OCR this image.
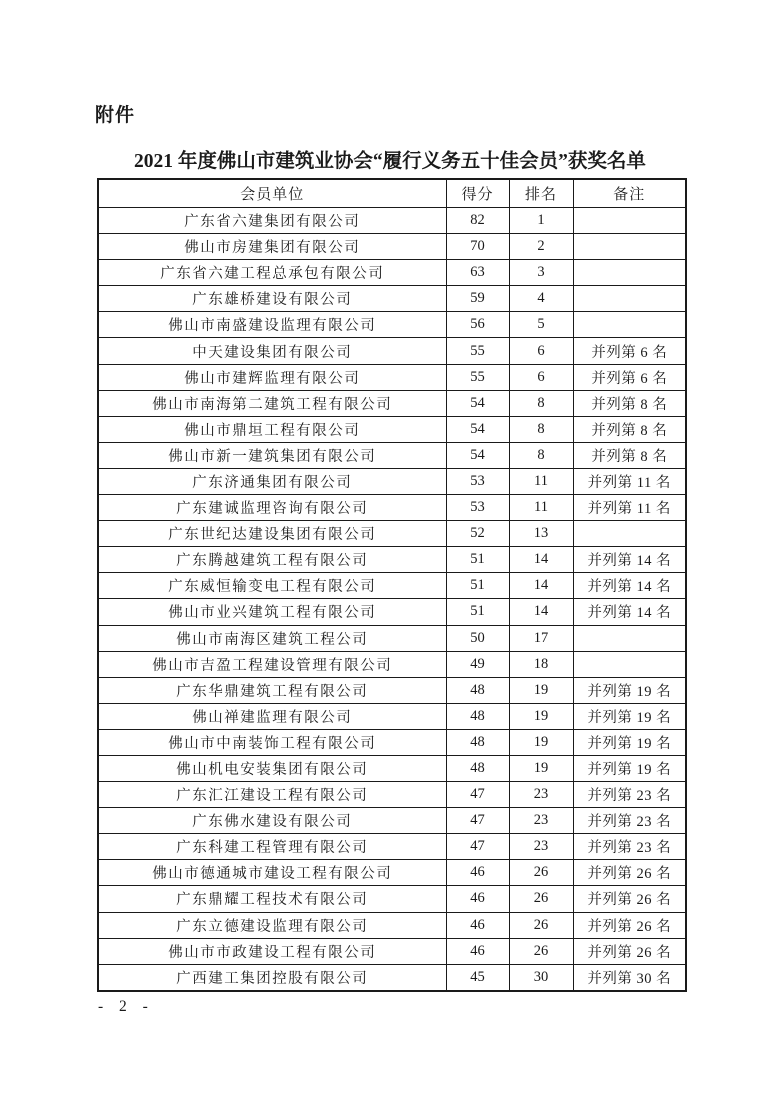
附件
2021 年度佛山市建筑业协会“履行义务五十佳会员”获奖名单
会员单位	得分	排名	备注
广东省六建集团有限公司	82	1	
佛山市房建集团有限公司	70	2	
广东省六建工程总承包有限公司	63	3	
广东雄桥建设有限公司	59	4	
佛山市南盛建设监理有限公司	56	5	
中天建设集团有限公司	55	6	并列第 6 名
佛山市建辉监理有限公司	55	6	并列第 6 名
佛山市南海第二建筑工程有限公司	54	8	并列第 8 名
佛山市鼎垣工程有限公司	54	8	并列第 8 名
佛山市新一建筑集团有限公司	54	8	并列第 8 名
广东济通集团有限公司	53	11	并列第 11 名
广东建诚监理咨询有限公司	53	11	并列第 11 名
广东世纪达建设集团有限公司	52	13	
广东腾越建筑工程有限公司	51	14	并列第 14 名
广东威恒输变电工程有限公司	51	14	并列第 14 名
佛山市业兴建筑工程有限公司	51	14	并列第 14 名
佛山市南海区建筑工程公司	50	17	
佛山市吉盈工程建设管理有限公司	49	18	
广东华鼎建筑工程有限公司	48	19	并列第 19 名
佛山禅建监理有限公司	48	19	并列第 19 名
佛山市中南装饰工程有限公司	48	19	并列第 19 名
佛山机电安装集团有限公司	48	19	并列第 19 名
广东汇江建设工程有限公司	47	23	并列第 23 名
广东佛水建设有限公司	47	23	并列第 23 名
广东科建工程管理有限公司	47	23	并列第 23 名
佛山市德通城市建设工程有限公司	46	26	并列第 26 名
广东鼎耀工程技术有限公司	46	26	并列第 26 名
广东立德建设监理有限公司	46	26	并列第 26 名
佛山市市政建设工程有限公司	46	26	并列第 26 名
广西建工集团控股有限公司	45	30	并列第 30 名
- 2 -
